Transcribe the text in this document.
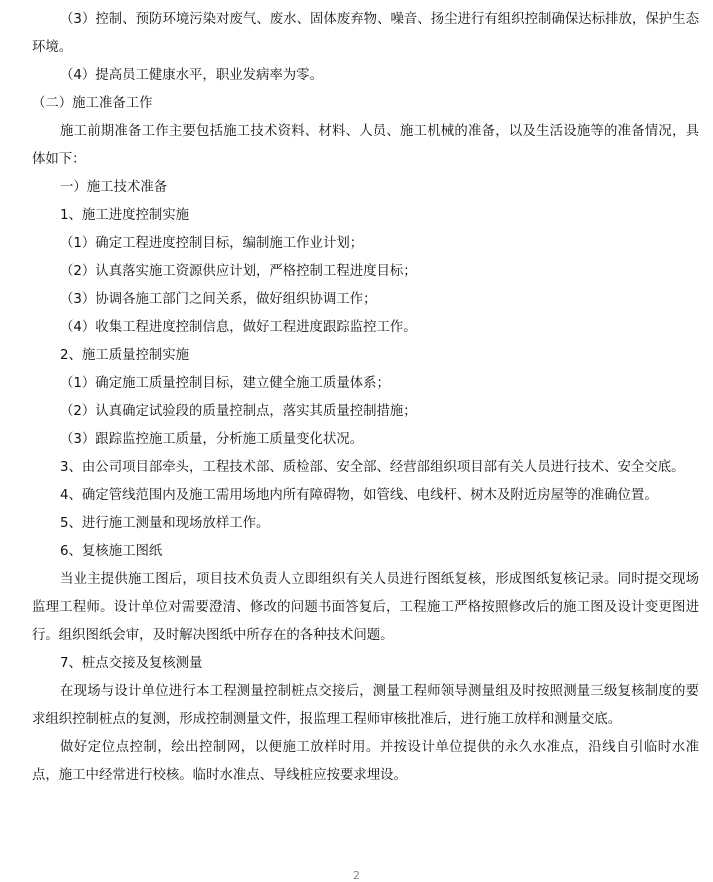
（3）控制、预防环境污染对废气、废水、固体废弃物、噪音、扬尘进行有组织控制确保达标排放，保护生态环境。

（4）提高员工健康水平，职业发病率为零。

（二）施工准备工作

施工前期准备工作主要包括施工技术资料、材料、人员、施工机械的准备，以及生活设施等的准备情况，具体如下：

一）施工技术准备

1、施工进度控制实施

（1）确定工程进度控制目标，编制施工作业计划；

（2）认真落实施工资源供应计划，严格控制工程进度目标；

（3）协调各施工部门之间关系，做好组织协调工作；

（4）收集工程进度控制信息，做好工程进度跟踪监控工作。

2、施工质量控制实施

（1）确定施工质量控制目标，建立健全施工质量体系；

（2）认真确定试验段的质量控制点，落实其质量控制措施；

（3）跟踪监控施工质量，分析施工质量变化状况。

3、由公司项目部牵头，工程技术部、质检部、安全部、经营部组织项目部有关人员进行技术、安全交底。

4、确定管线范围内及施工需用场地内所有障碍物，如管线、电线杆、树木及附近房屋等的准确位置。

5、进行施工测量和现场放样工作。

6、复核施工图纸

当业主提供施工图后，项目技术负责人立即组织有关人员进行图纸复核，形成图纸复核记录。同时提交现场监理工程师。设计单位对需要澄清、修改的问题书面答复后，工程施工严格按照修改后的施工图及设计变更图进行。组织图纸会审，及时解决图纸中所存在的各种技术问题。

7、桩点交接及复核测量

在现场与设计单位进行本工程测量控制桩点交接后，测量工程师领导测量组及时按照测量三级复核制度的要求组织控制桩点的复测，形成控制测量文件，报监理工程师审核批准后，进行施工放样和测量交底。

做好定位点控制，绘出控制网，以便施工放样时用。并按设计单位提供的永久水准点，沿线自引临时水准点，施工中经常进行校核。临时水准点、导线桩应按要求埋设。

2
